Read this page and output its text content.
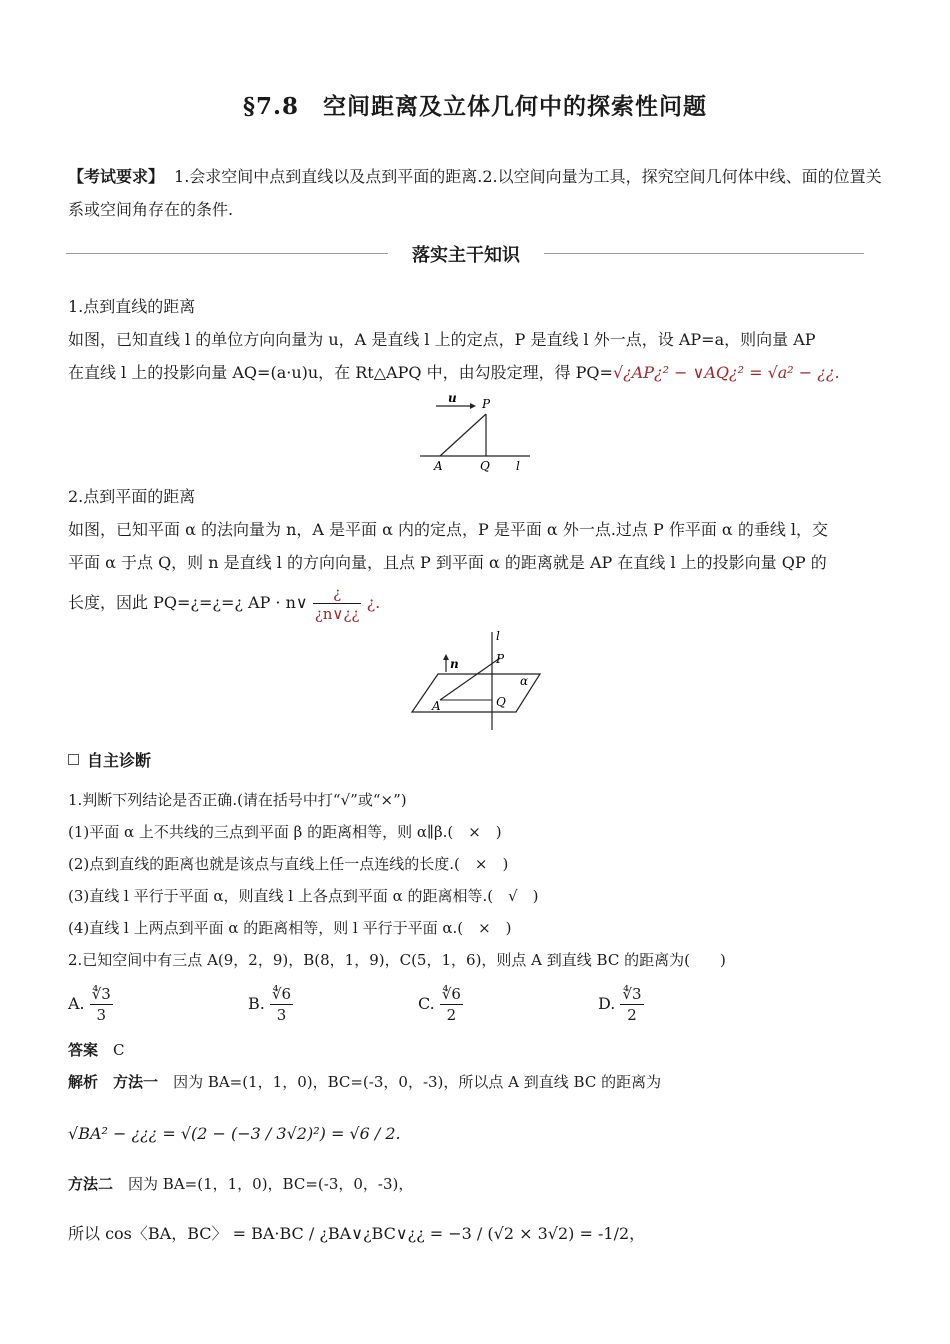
§7.8　空间距离及立体几何中的探索性问题
【考试要求】 1.会求空间中点到直线以及点到平面的距离.2.以空间向量为工具，探究空间几何体中线、面的位置关系或空间角存在的条件.
落实主干知识
1.点到直线的距离
如图，已知直线 l 的单位方向向量为 u，A 是直线 l 上的定点，P 是直线 l 外一点，设 AP=a，则向量 AP
在直线 l 上的投影向量 AQ=(a·u)u，在 Rt△APQ 中，由勾股定理，得 PQ=√¿AP¿² − ∨AQ¿² = √a² − ¿¿.
u P
A	Q l
2.点到平面的距离
如图，已知平面 α 的法向量为 n，A 是平面 α 内的定点，P 是平面 α 外一点.过点 P 作平面 α 的垂线 l，交
平面 α 于点 Q，则 n 是直线 l 的方向向量，且点 P 到平面 α 的距离就是 AP 在直线 l 上的投影向量 QP 的
长度，因此 PQ=¿=¿=¿ AP · n∨ $\frac{¿}{¿n\vee¿¿}$ ¿.
n
l
P
α
A	Q
自主诊断
1.判断下列结论是否正确.(请在括号中打“√”或“×”)
(1)平面 α 上不共线的三点到平面 β 的距离相等，则 α∥β.(　×　)
(2)点到直线的距离也就是该点与直线上任一点连线的长度.(　×　)
(3)直线 l 平行于平面 α，则直线 l 上各点到平面 α 的距离相等.(　√　)
(4)直线 l 上两点到平面 α 的距离相等，则 l 平行于平面 α.(　×　)
2.已知空间中有三点 A(9，2，9)，B(8，1，9)，C(5，1，6)，则点 A 到直线 BC 的距离为(　　)
A. $\frac{∜3}{3}$	B. $\frac{∜6}{3}$	C. $\frac{∜6}{2}$	D. $\frac{∜3}{2}$
答案　 C
解析　 方法一　 因为 BA=(1，1，0)，BC=(-3，0，-3)，所以点 A 到直线 BC 的距离为
√BA² − ¿¿¿ = √(2 − (−3 / 3√2)²) = √6 / 2.
方法二　 因为 BA=(1，1，0)，BC=(-3，0，-3)，
所以 cos〈BA，BC〉 = BA·BC / ¿BA∨¿BC∨¿¿ = −3 / (√2 × 3√2) = -1/2，
